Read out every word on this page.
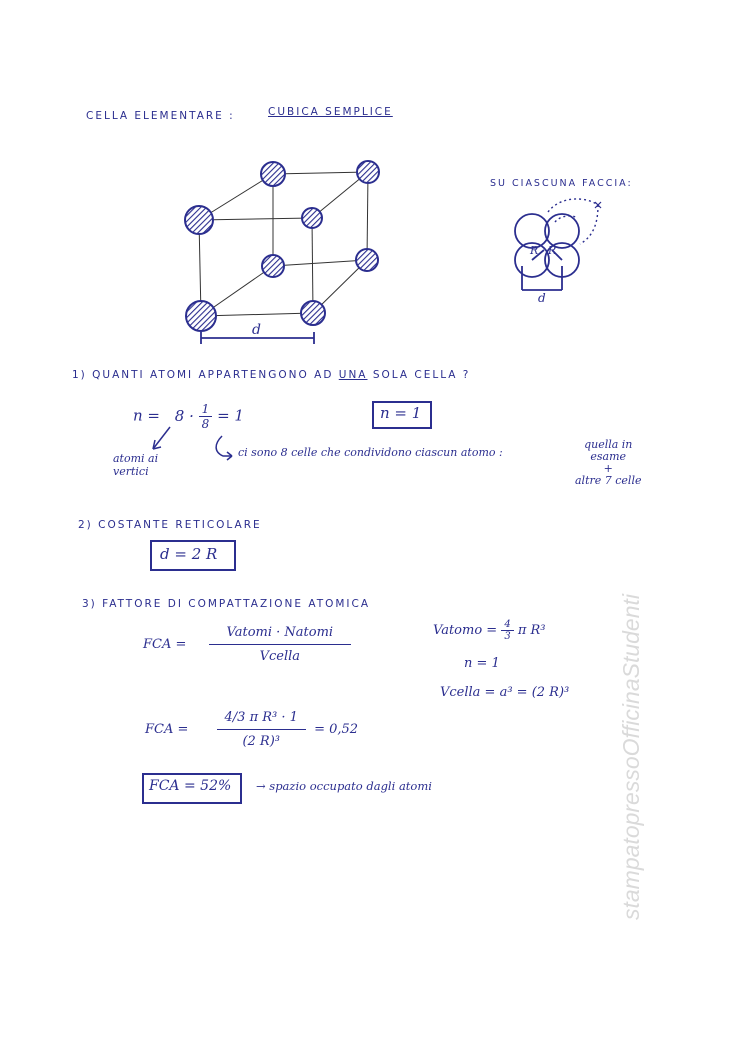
CELLA ELEMENTARE :	CUBICA SEMPLICE
d
SU CIASCUNA FACCIA:
R R
d
1) QUANTI ATOMI APPARTENGONO AD UNA SOLA CELLA ?
$n = 8 \cdot \frac{1}{8} = 1$	n = 1
atomi ai
vertici
ci sono 8 celle che condividono ciascun atomo :
quella in
esame
+
altre 7 celle
2) COSTANTE RETICOLARE
d = 2 R
3) FATTORE DI COMPATTAZIONE ATOMICA
FCA = $\frac{\text{Vatomi · Natomi}}{\text{Vcella}}$	Vatomo = $\frac{4}{3}$ π R³
n = 1
Vcella = a³ = (2 R)³
FCA = $\frac{\text{4/3 π R³ · 1}}{\text{(2 R)³}} = 0,52$
FCA = 52% → spazio occupato dagli atomi	stampatopressoOfficinaStudenti
